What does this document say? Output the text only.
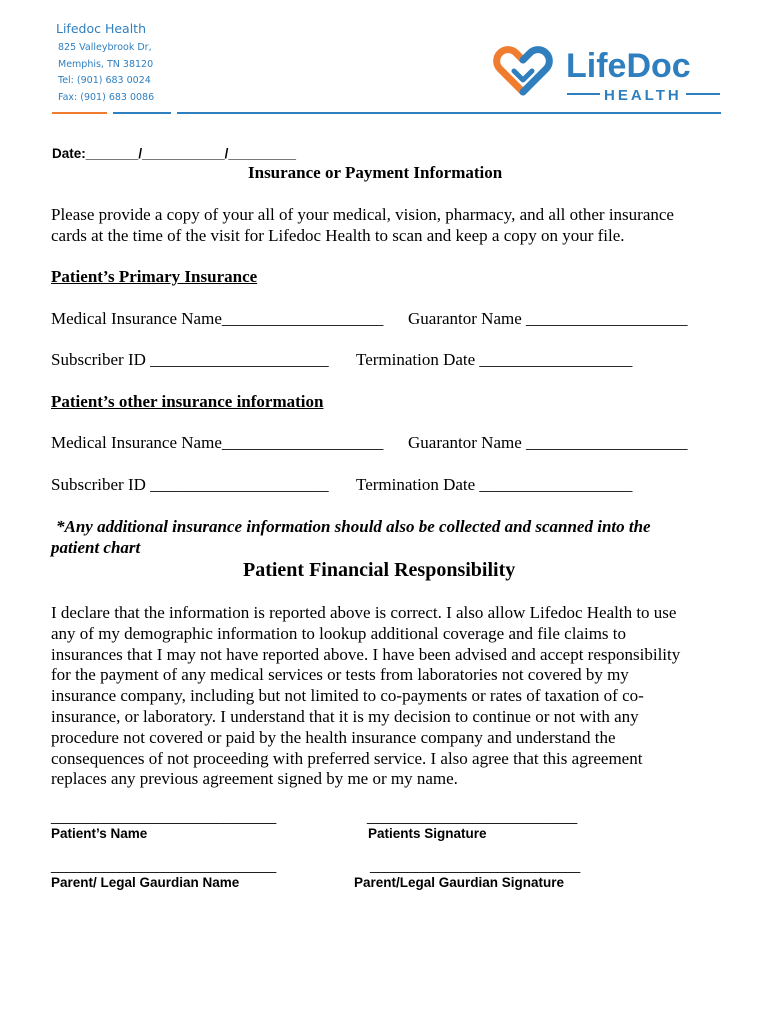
Lifedoc Health
825 Valleybrook Dr,
Memphis, TN 38120
Tel: (901) 683 0024
Fax: (901) 683 0086
LifeDoc
HEALTH
Date:_______/___________/_________
Insurance or Payment Information
Please provide a copy of your all of your medical, vision, pharmacy, and all other insurance
cards at the time of the visit for Lifedoc Health to scan and keep a copy on your file.
Patient’s Primary Insurance
Medical Insurance Name___________________ Guarantor Name ___________________
Subscriber ID _____________________ Termination Date __________________
Patient’s other insurance information
Medical Insurance Name___________________ Guarantor Name ___________________
Subscriber ID _____________________ Termination Date __________________
*Any additional insurance information should also be collected and scanned into the
patient chart
Patient Financial Responsibility
I declare that the information is reported above is correct. I also allow Lifedoc Health to use
any of my demographic information to lookup additional coverage and file claims to
insurances that I may not have reported above. I have been advised and accept responsibility
for the payment of any medical services or tests from laboratories not covered by my
insurance company, including but not limited to co-payments or rates of taxation of co-
insurance, or laboratory. I understand that it is my decision to continue or not with any
procedure not covered or paid by the health insurance company and understand the
consequences of not proceeding with preferred service. I also agree that this agreement
replaces any previous agreement signed by me or my name.
______________________________
Patient’s Name
____________________________
Patients Signature
______________________________
Parent/ Legal Gaurdian Name
____________________________
Parent/Legal Gaurdian Signature
